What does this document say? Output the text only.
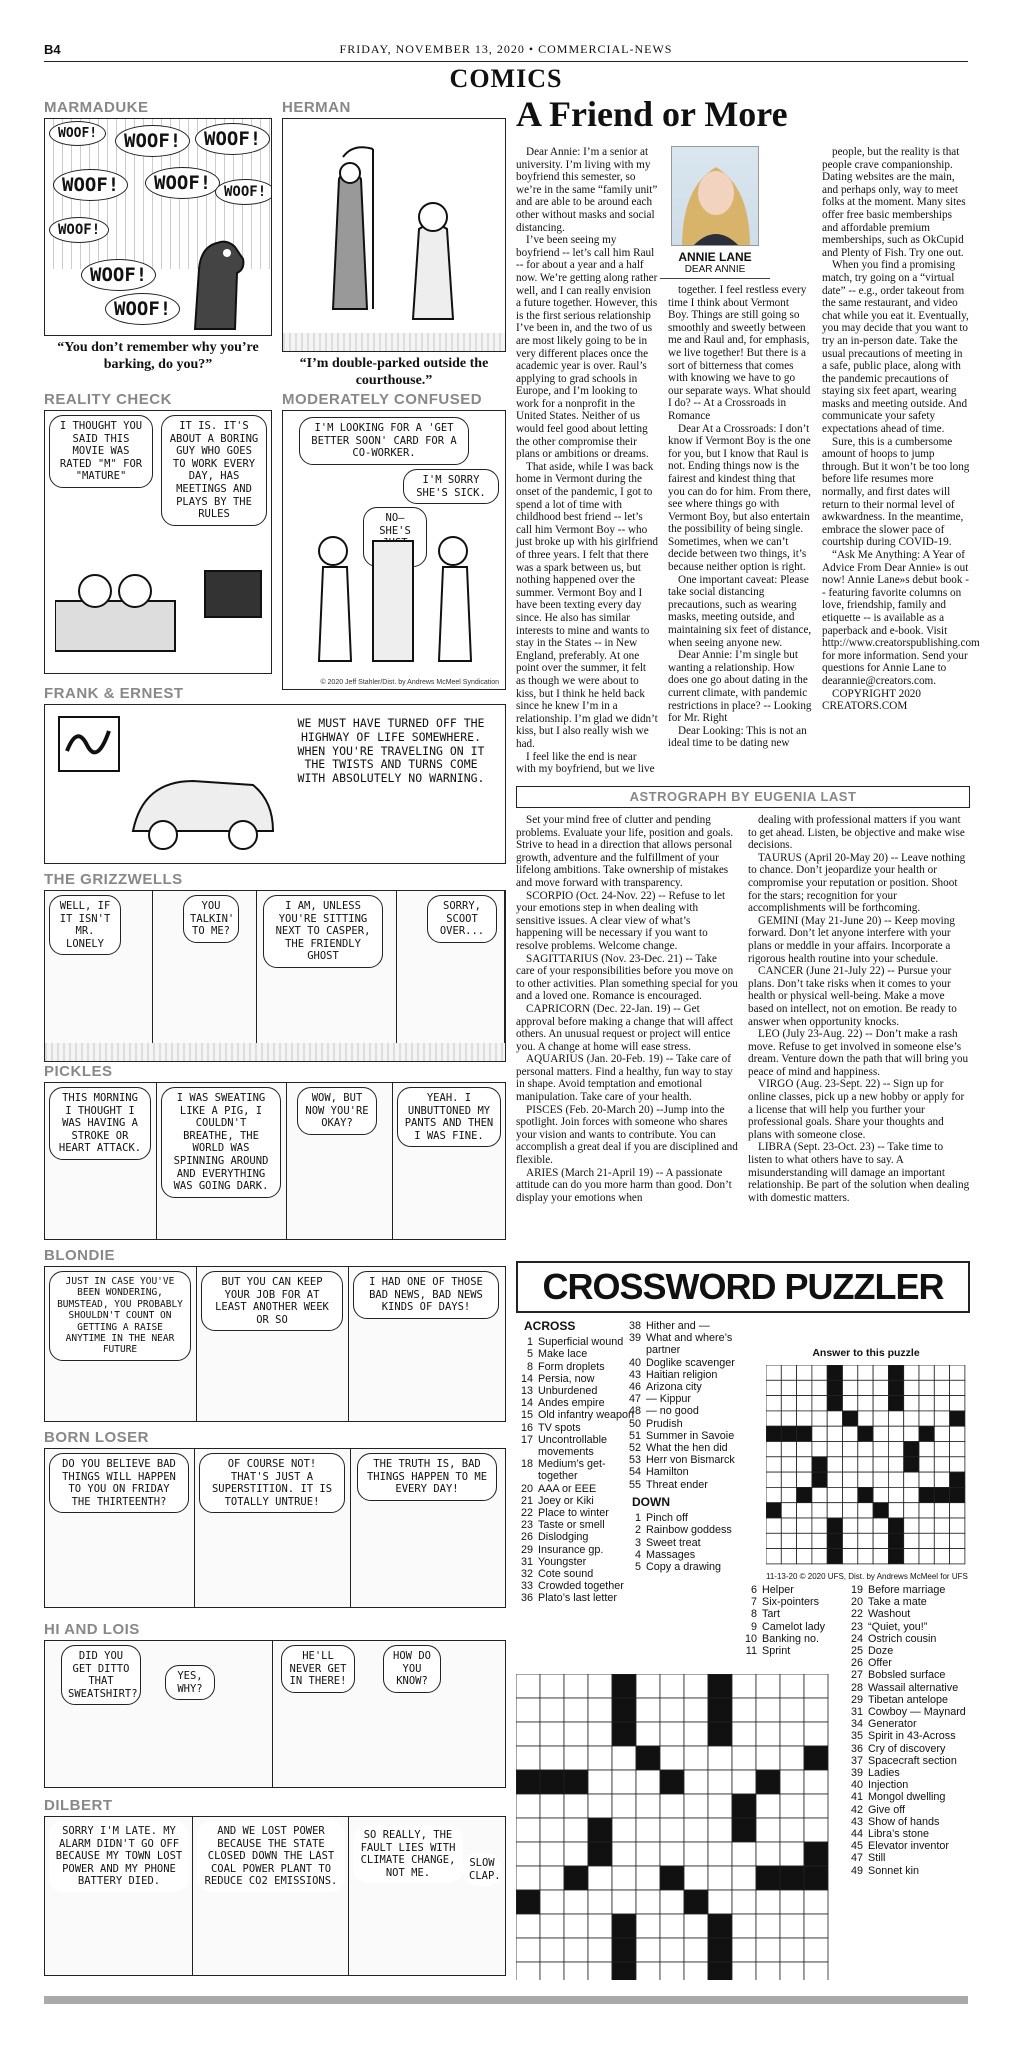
B4	FRIDAY, NOVEMBER 13, 2020 • COMMERCIAL-NEWS
COMICS
MARMADUKE
WOOF!	WOOF!	WOOF!
WOOF!	WOOF! WOOF!
WOOF!
WOOF!
WOOF!
“You don’t remember why you’re barking, do you?”
HERMAN
“I’m double-parked outside the courthouse.”
REALITY CHECK
I THOUGHT YOU SAID THIS MOVIE WAS RATED "M" FOR "MATURE"
IT IS. IT'S ABOUT A BORING GUY WHO GOES TO WORK EVERY DAY, HAS MEETINGS AND PLAYS BY THE RULES
MODERATELY CONFUSED
I'M LOOKING FOR A 'GET BETTER SOON' CARD FOR A CO-WORKER.
I'M SORRY SHE'S SICK.
NO—SHE'S
© 2020 Jeff Stahler/Dist. by Andrews McMeel Syndication
FRANK & ERNEST
WE MUST HAVE TURNED OFF THE HIGHWAY OF LIFE SOMEWHERE. WHEN YOU'RE TRAVELING ON IT THE TWISTS AND TURNS COME WITH ABSOLUTELY NO WARNING.
THE GRIZZWELLS
WELL, IF IT ISN'T MR. LONELY
YOU TALKIN' TO ME?
I AM, UNLESS YOU'RE SITTING NEXT TO CASPER, THE FRIENDLY GHOST
SORRY, SCOOT OVER...
PICKLES
THIS MORNING I THOUGHT I WAS HAVING A STROKE OR HEART ATTACK.
I WAS SWEATING LIKE A PIG, I COULDN'T BREATHE, THE WORLD WAS SPINNING AROUND AND EVERYTHING WAS GOING DARK.
WOW, BUT NOW YOU'RE OKAY?
YEAH. I UNBUTTONED MY PANTS AND THEN I WAS FINE.
BLONDIE
JUST IN CASE YOU'VE BEEN WONDERING, BUMSTEAD, YOU PROBABLY SHOULDN'T COUNT ON GETTING A RAISE ANYTIME IN THE NEAR FUTURE
BUT YOU CAN KEEP YOUR JOB FOR AT LEAST ANOTHER WEEK OR SO
I HAD ONE OF THOSE BAD NEWS, BAD NEWS KINDS OF DAYS!
BORN LOSER
DO YOU BELIEVE BAD THINGS WILL HAPPEN TO YOU ON FRIDAY THE THIRTEENTH?
OF COURSE NOT! THAT'S JUST A SUPERSTITION. IT IS TOTALLY UNTRUE!
THE TRUTH IS, BAD THINGS HAPPEN TO ME EVERY DAY!
HI AND LOIS
DID YOU GET DITTO THAT SWEATSHIRT?
YES, WHY?
HE'LL NEVER GET IN THERE!
HOW DO YOU KNOW?
DILBERT
SORRY I'M LATE. MY ALARM DIDN'T GO OFF BECAUSE MY TOWN LOST POWER AND MY PHONE BATTERY DIED.
AND WE LOST POWER BECAUSE THE STATE CLOSED DOWN THE LAST COAL POWER PLANT TO REDUCE CO2 EMISSIONS.
SO REALLY, THE FAULT LIES WITH CLIMATE CHANGE, NOT ME.
SLOW CLAP.
A Friend or More

Dear Annie: I’m a senior at university. I’m living with my boyfriend this semester, so we’re in the same “family unit” and are able to be around each other without masks and social distancing.

I’ve been seeing my boyfriend -- let’s call him Raul -- for about a year and a half now. We’re getting along rather well, and I can really envision a future together. However, this is the first serious relationship I’ve been in, and the two of us are most likely going to be in very different places once the academic year is over. Raul’s applying to grad schools in Europe, and I’m looking to work for a nonprofit in the United States. Neither of us would feel good about letting the other compromise their plans or ambitions or dreams.

That aside, while I was back home in Vermont during the onset of the pandemic, I got to spend a lot of time with childhood best friend -- let’s call him Vermont Boy -- who just broke up with his girlfriend of three years. I felt that there was a spark between us, but nothing happened over the summer. Vermont Boy and I have been texting every day since. He also has similar interests to mine and wants to stay in the States -- in New England, preferably. At one point over the summer, it felt as though we were about to kiss, but I think he held back since he knew I’m in a relationship. I’m glad we didn’t kiss, but I also really wish we had.

I feel like the end is near with my boyfriend, but we live

ANNIE LANE
DEAR ANNIE

together. I feel restless every time I think about Vermont Boy. Things are still going so smoothly and sweetly between me and Raul and, for emphasis, we live together! But there is a sort of bitterness that comes with knowing we have to go our separate ways. What should I do? -- At a Crossroads in Romance

Dear At a Crossroads: I don’t know if Vermont Boy is the one for you, but I know that Raul is not. Ending things now is the fairest and kindest thing that you can do for him. From there, see where things go with Vermont Boy, but also entertain the possibility of being single. Sometimes, when we can’t decide between two things, it’s because neither option is right.

One important caveat: Please take social distancing precautions, such as wearing masks, meeting outside, and maintaining six feet of distance, when seeing anyone new.

Dear Annie: I’m single but wanting a relationship. How does one go about dating in the current climate, with pandemic restrictions in place? -- Looking for Mr. Right

Dear Looking: This is not an ideal time to be dating new

people, but the reality is that people crave companionship. Dating websites are the main, and perhaps only, way to meet folks at the moment. Many sites offer free basic memberships and affordable premium memberships, such as OkCupid and Plenty of Fish. Try one out.

When you find a promising match, try going on a “virtual date” -- e.g., order takeout from the same restaurant, and video chat while you eat it. Eventually, you may decide that you want to try an in-person date. Take the usual precautions of meeting in a safe, public place, along with the pandemic precautions of staying six feet apart, wearing masks and meeting outside. And communicate your safety expectations ahead of time.

Sure, this is a cumbersome amount of hoops to jump through. But it won’t be too long before life resumes more normally, and first dates will return to their normal level of awkwardness. In the meantime, embrace the slower pace of courtship during COVID-19.

“Ask Me Anything: A Year of Advice From Dear Annie» is out now! Annie Lane»s debut book -- featuring favorite columns on love, friendship, family and etiquette -- is available as a paperback and e-book. Visit http://www.creatorspublishing.com for more information. Send your questions for Annie Lane to dearannie@creators.com.

COPYRIGHT 2020 CREATORS.COM

ASTROGRAPH BY EUGENIA LAST

Set your mind free of clutter and pending problems. Evaluate your life, position and goals. Strive to head in a direction that allows personal growth, adventure and the fulfillment of your lifelong ambitions. Take ownership of mistakes and move forward with transparency.

SCORPIO (Oct. 24-Nov. 22) -- Refuse to let your emotions step in when dealing with sensitive issues. A clear view of what’s happening will be necessary if you want to resolve problems. Welcome change.

SAGITTARIUS (Nov. 23-Dec. 21) -- Take care of your responsibilities before you move on to other activities. Plan something special for you and a loved one. Romance is encouraged.

CAPRICORN (Dec. 22-Jan. 19) -- Get approval before making a change that will affect others. An unusual request or project will entice you. A change at home will ease stress.

AQUARIUS (Jan. 20-Feb. 19) -- Take care of personal matters. Find a healthy, fun way to stay in shape. Avoid temptation and emotional manipulation. Take care of your health.

PISCES (Feb. 20-March 20) --Jump into the spotlight. Join forces with someone who shares your vision and wants to contribute. You can accomplish a great deal if you are disciplined and flexible.

ARIES (March 21-April 19) -- A passionate attitude can do you more harm than good. Don’t display your emotions when

dealing with professional matters if you want to get ahead. Listen, be objective and make wise decisions.

TAURUS (April 20-May 20) -- Leave nothing to chance. Don’t jeopardize your health or compromise your reputation or position. Shoot for the stars; recognition for your accomplishments will be forthcoming.

GEMINI (May 21-June 20) -- Keep moving forward. Don’t let anyone interfere with your plans or meddle in your affairs. Incorporate a rigorous health routine into your schedule.

CANCER (June 21-July 22) -- Pursue your plans. Don’t take risks when it comes to your health or physical well-being. Make a move based on intellect, not on emotion. Be ready to answer when opportunity knocks.

LEO (July 23-Aug. 22) -- Don’t make a rash move. Refuse to get involved in someone else’s dream. Venture down the path that will bring you peace of mind and happiness.

VIRGO (Aug. 23-Sept. 22) -- Sign up for online classes, pick up a new hobby or apply for a license that will help you further your professional goals. Share your thoughts and plans with someone close.

LIBRA (Sept. 23-Oct. 23) -- Take time to listen to what others have to say. A misunderstanding will damage an important relationship. Be part of the solution when dealing with domestic matters.

CROSSWORD PUZZLER
ACROSS
1 Superficial wound
5 Make lace
8 Form droplets
14 Persia, now
13 Unburdened
14 Andes empire
15 Old infantry weapon
16 TV spots
17 Uncontrollable movements
18 Medium’s get-together
20 AAA or EEE
21 Joey or Kiki
22 Place to winter
23 Taste or smell
26 Dislodging
29 Insurance gp.
31 Youngster
32 Cote sound
33 Crowded together
36 Plato’s last letter
38 Hither and —
39 What and where’s partner
40 Doglike scavenger
43 Haitian religion
46 Arizona city
47 — Kippur
48 — no good
50 Prudish
51 Summer in Savoie
52 What the hen did
53 Herr von Bismarck
54 Hamilton
55 Threat ender
DOWN
1 Pinch off
2 Rainbow goddess
3 Sweet treat
4 Massages
5 Copy a drawing
6 Helper
7 Six-pointers
8 Tart
9 Camelot lady
10 Banking no.
11 Sprint
19 Before marriage
20 Take a mate
22 Washout
23 “Quiet, you!”
24 Ostrich cousin
25 Doze
26 Offer
27 Bobsled surface
28 Wassail alternative
29 Tibetan antelope
31 Cowboy — Maynard
34 Generator
35 Spirit in 43-Across
36 Cry of discovery
37 Spacecraft section
39 Ladies
40 Injection
41 Mongol dwelling
42 Give off
43 Show of hands
44 Libra’s stone
45 Elevator inventor
47 Still
49 Sonnet kin
Answer to this puzzle
11-13-20 © 2020 UFS, Dist. by Andrews McMeel for UFS
